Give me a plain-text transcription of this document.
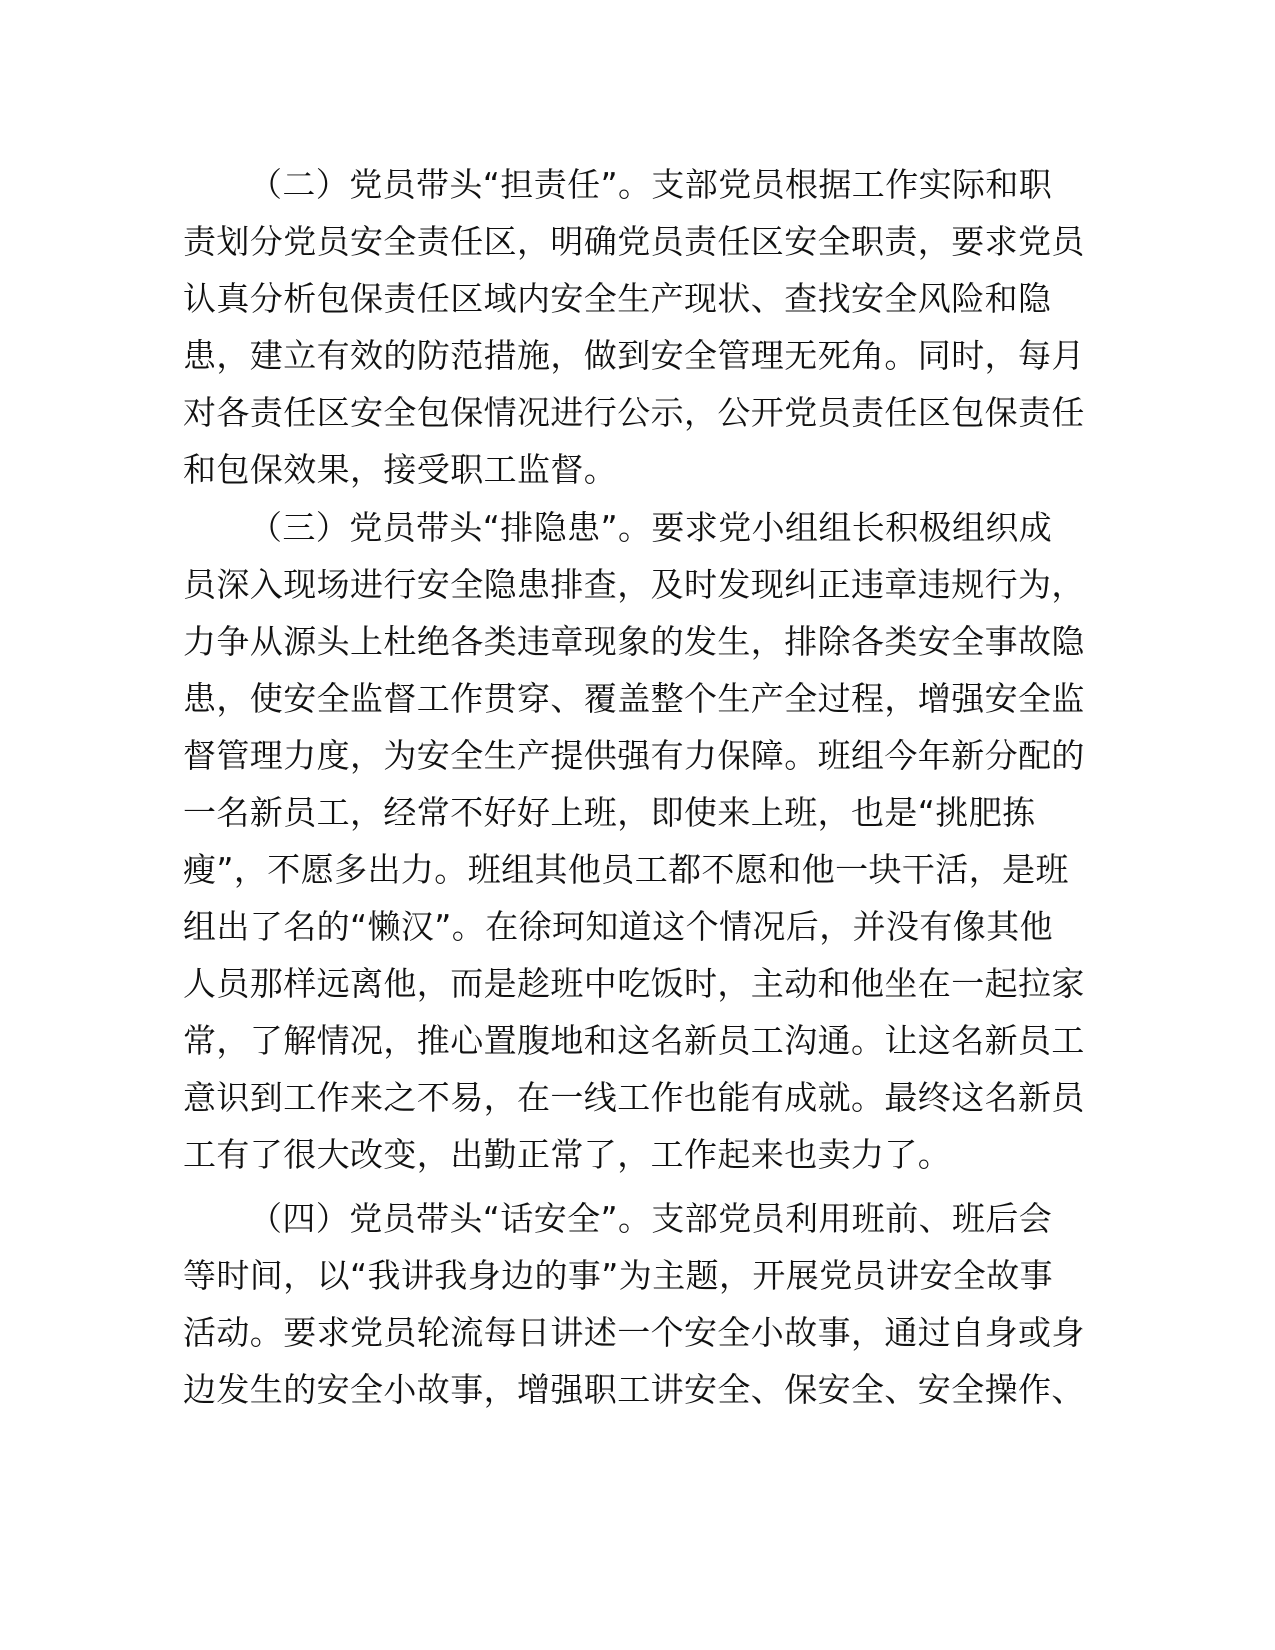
（二）党员带头“担责任”。支部党员根据工作实际和职
责划分党员安全责任区，明确党员责任区安全职责，要求党员
认真分析包保责任区域内安全生产现状、查找安全风险和隐
患，建立有效的防范措施，做到安全管理无死角。同时，每月
对各责任区安全包保情况进行公示，公开党员责任区包保责任
和包保效果，接受职工监督。
（三）党员带头“排隐患”。要求党小组组长积极组织成
员深入现场进行安全隐患排查，及时发现纠正违章违规行为，
力争从源头上杜绝各类违章现象的发生，排除各类安全事故隐
患，使安全监督工作贯穿、覆盖整个生产全过程，增强安全监
督管理力度，为安全生产提供强有力保障。班组今年新分配的
一名新员工，经常不好好上班，即使来上班，也是“挑肥拣
瘦”，不愿多出力。班组其他员工都不愿和他一块干活，是班
组出了名的“懒汉”。在徐珂知道这个情况后，并没有像其他
人员那样远离他，而是趁班中吃饭时，主动和他坐在一起拉家
常，了解情况，推心置腹地和这名新员工沟通。让这名新员工
意识到工作来之不易，在一线工作也能有成就。最终这名新员
工有了很大改变，出勤正常了，工作起来也卖力了。
（四）党员带头“话安全”。支部党员利用班前、班后会
等时间，以“我讲我身边的事”为主题，开展党员讲安全故事
活动。要求党员轮流每日讲述一个安全小故事，通过自身或身
边发生的安全小故事，增强职工讲安全、保安全、安全操作、
